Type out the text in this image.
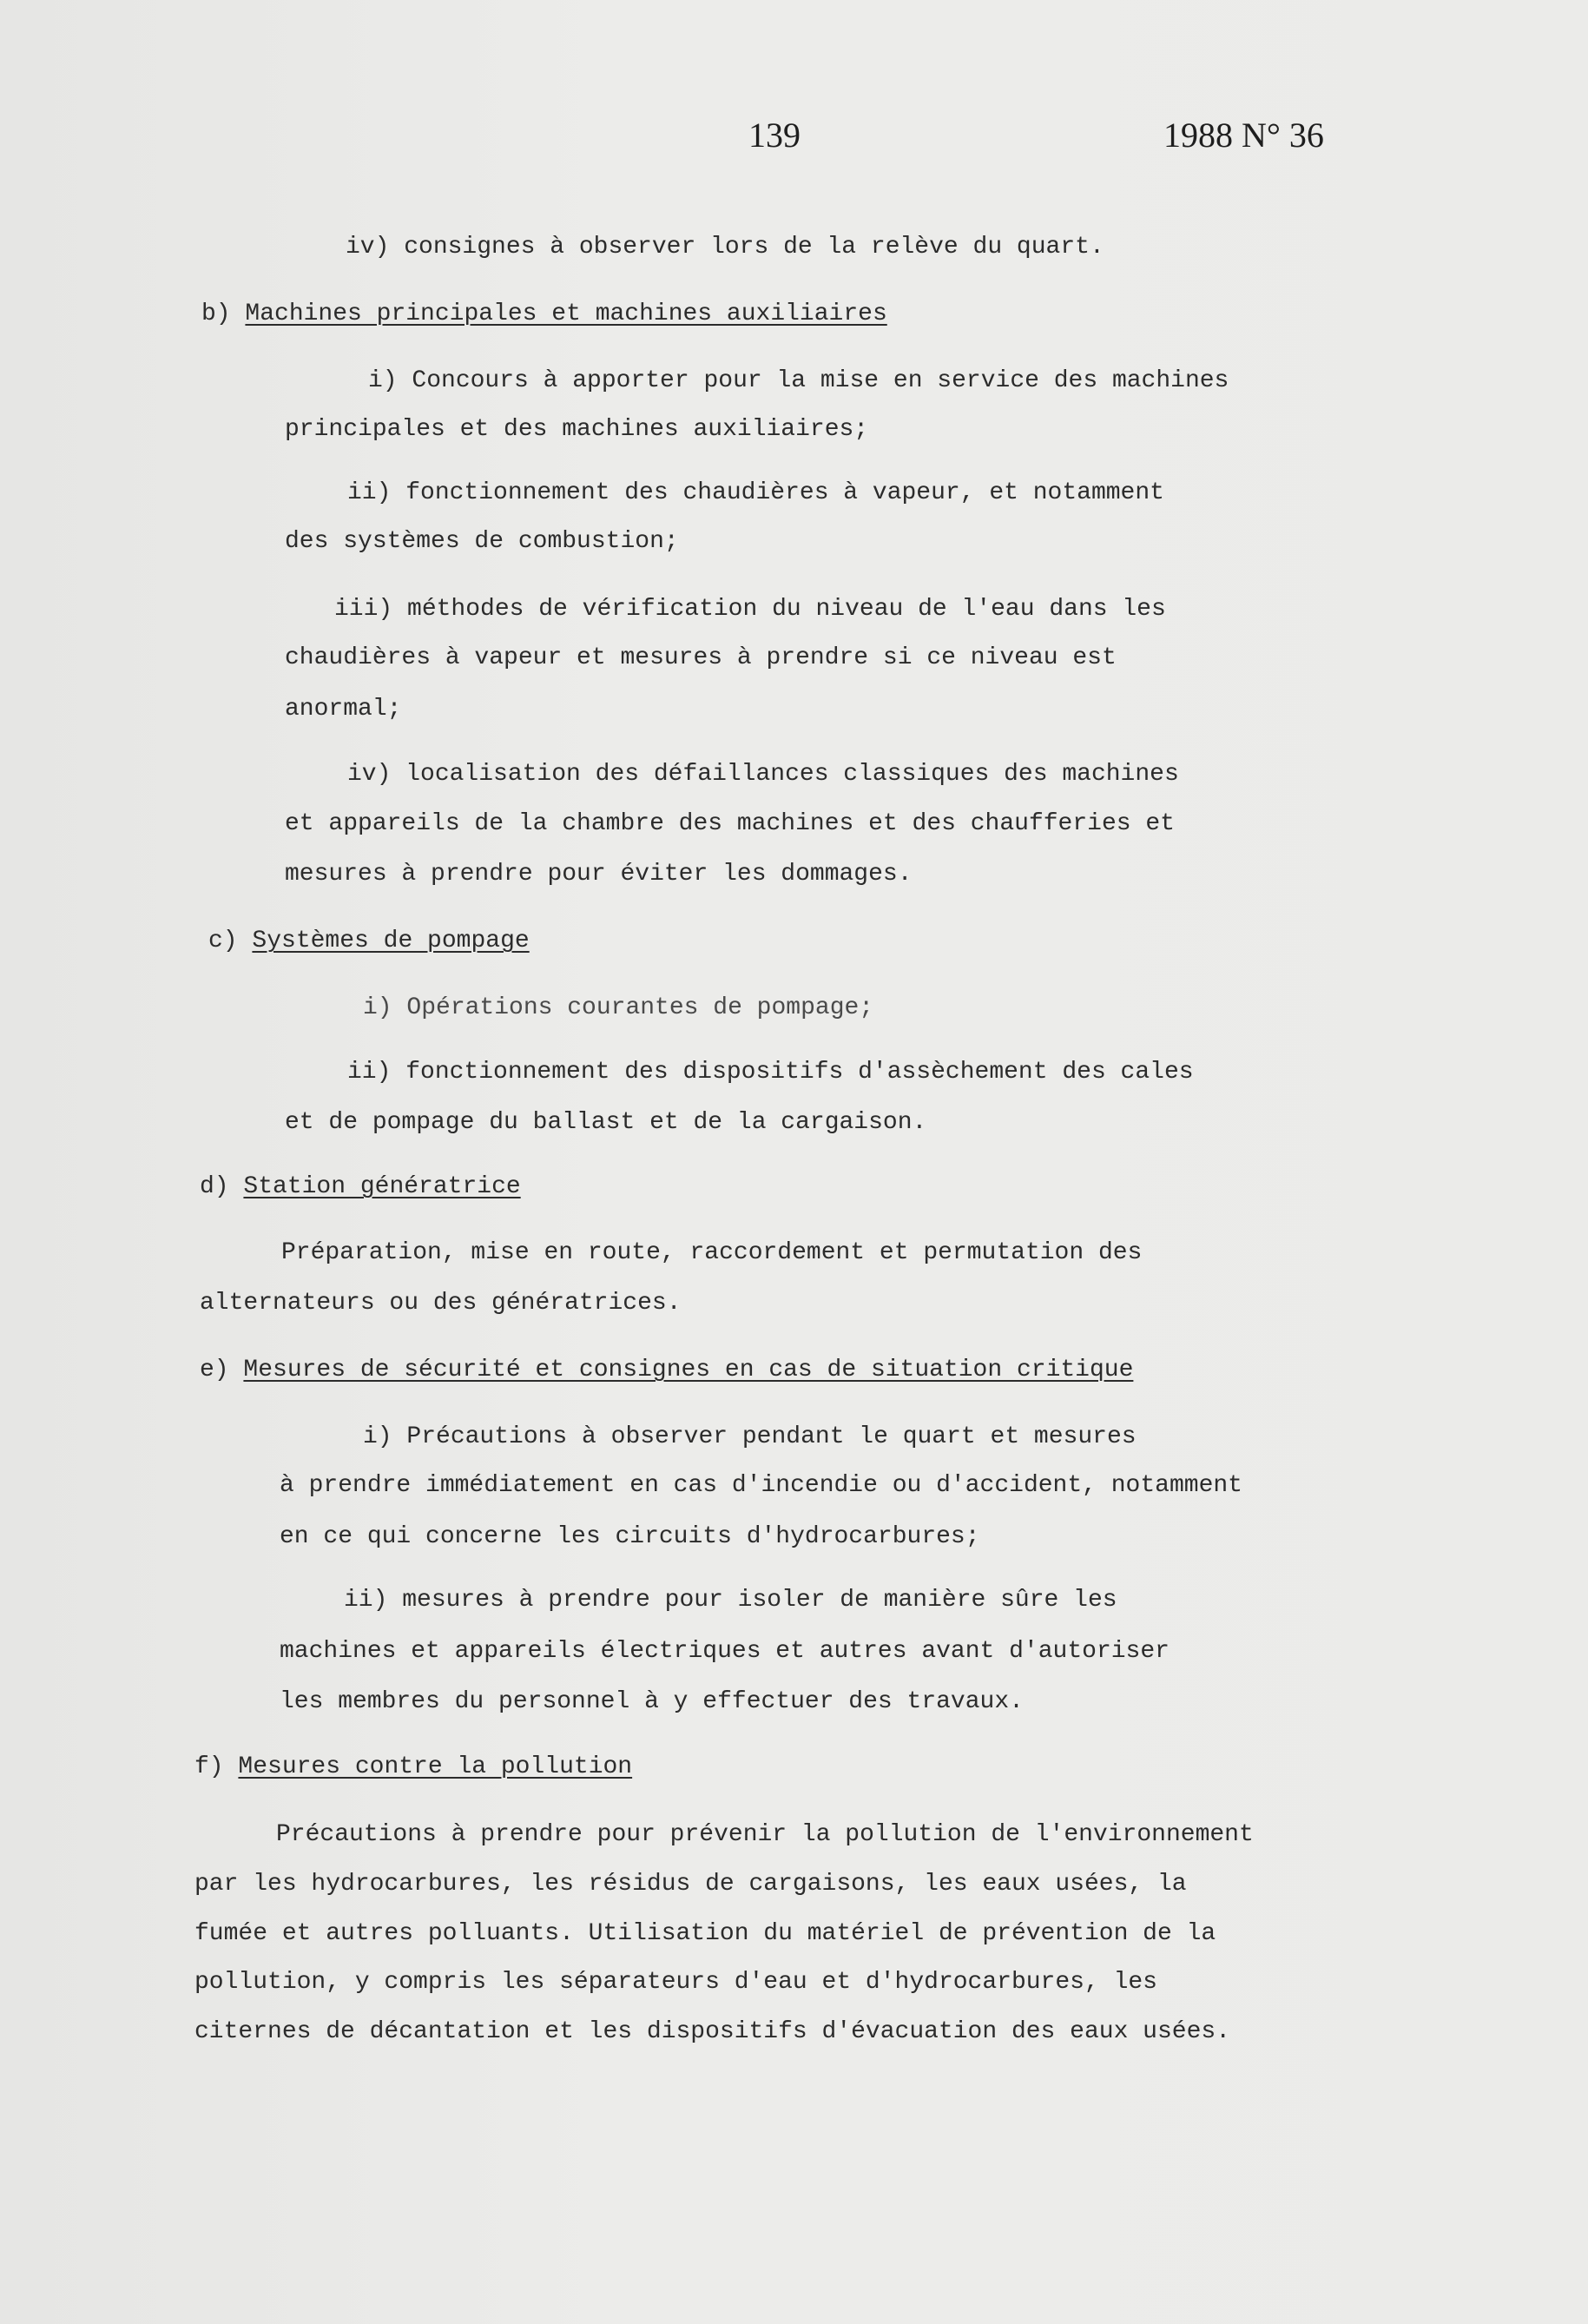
139	1988 N° 36
iv) consignes à observer lors de la relève du quart.
b) Machines principales et machines auxiliaires
i) Concours à apporter pour la mise en service des machines
principales et des machines auxiliaires;
ii) fonctionnement des chaudières à vapeur, et notamment
des systèmes de combustion;
iii) méthodes de vérification du niveau de l'eau dans les
chaudières à vapeur et mesures à prendre si ce niveau est
anormal;
iv) localisation des défaillances classiques des machines
et appareils de la chambre des machines et des chaufferies et
mesures à prendre pour éviter les dommages.
c) Systèmes de pompage
i) Opérations courantes de pompage;
ii) fonctionnement des dispositifs d'assèchement des cales
et de pompage du ballast et de la cargaison.
d) Station génératrice
Préparation, mise en route, raccordement et permutation des
alternateurs ou des génératrices.
e) Mesures de sécurité et consignes en cas de situation critique
i) Précautions à observer pendant le quart et mesures
à prendre immédiatement en cas d'incendie ou d'accident, notamment
en ce qui concerne les circuits d'hydrocarbures;
ii) mesures à prendre pour isoler de manière sûre les
machines et appareils électriques et autres avant d'autoriser
les membres du personnel à y effectuer des travaux.
f) Mesures contre la pollution
Précautions à prendre pour prévenir la pollution de l'environnement
par les hydrocarbures, les résidus de cargaisons, les eaux usées, la
fumée et autres polluants. Utilisation du matériel de prévention de la
pollution, y compris les séparateurs d'eau et d'hydrocarbures, les
citernes de décantation et les dispositifs d'évacuation des eaux usées.
